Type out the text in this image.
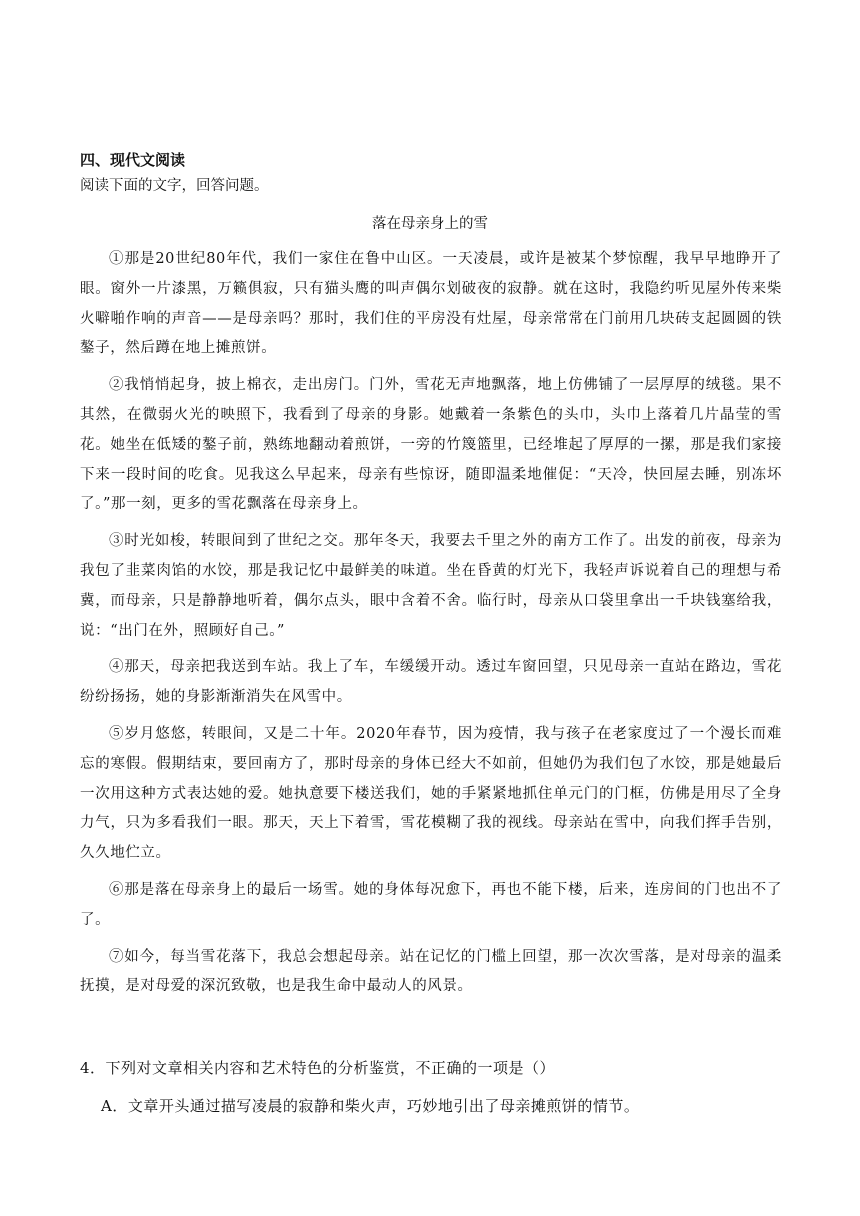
四、现代文阅读
阅读下面的文字，回答问题。
落在母亲身上的雪

①那是20世纪80年代，我们一家住在鲁中山区。一天凌晨，或许是被某个梦惊醒，我早早地睁开了眼。窗外一片漆黑，万籁俱寂，只有猫头鹰的叫声偶尔划破夜的寂静。就在这时，我隐约听见屋外传来柴火噼啪作响的声音——是母亲吗？那时，我们住的平房没有灶屋，母亲常常在门前用几块砖支起圆圆的铁鏊子，然后蹲在地上摊煎饼。

②我悄悄起身，披上棉衣，走出房门。门外，雪花无声地飘落，地上仿佛铺了一层厚厚的绒毯。果不其然，在微弱火光的映照下，我看到了母亲的身影。她戴着一条紫色的头巾，头巾上落着几片晶莹的雪花。她坐在低矮的鏊子前，熟练地翻动着煎饼，一旁的竹篾篮里，已经堆起了厚厚的一摞，那是我们家接下来一段时间的吃食。见我这么早起来，母亲有些惊讶，随即温柔地催促：“天冷，快回屋去睡，别冻坏了。”那一刻，更多的雪花飘落在母亲身上。

③时光如梭，转眼间到了世纪之交。那年冬天，我要去千里之外的南方工作了。出发的前夜，母亲为我包了韭菜肉馅的水饺，那是我记忆中最鲜美的味道。坐在昏黄的灯光下，我轻声诉说着自己的理想与希冀，而母亲，只是静静地听着，偶尔点头，眼中含着不舍。临行时，母亲从口袋里拿出一千块钱塞给我，说：“出门在外，照顾好自己。”

④那天，母亲把我送到车站。我上了车，车缓缓开动。透过车窗回望，只见母亲一直站在路边，雪花纷纷扬扬，她的身影渐渐消失在风雪中。

⑤岁月悠悠，转眼间，又是二十年。2020年春节，因为疫情，我与孩子在老家度过了一个漫长而难忘的寒假。假期结束，要回南方了，那时母亲的身体已经大不如前，但她仍为我们包了水饺，那是她最后一次用这种方式表达她的爱。她执意要下楼送我们，她的手紧紧地抓住单元门的门框，仿佛是用尽了全身力气，只为多看我们一眼。那天，天上下着雪，雪花模糊了我的视线。母亲站在雪中，向我们挥手告别，久久地伫立。

⑥那是落在母亲身上的最后一场雪。她的身体每况愈下，再也不能下楼，后来，连房间的门也出不了了。

⑦如今，每当雪花落下，我总会想起母亲。站在记忆的门槛上回望，那一次次雪落，是对母亲的温柔抚摸，是对母爱的深沉致敬，也是我生命中最动人的风景。

4．下列对文章相关内容和艺术特色的分析鉴赏，不正确的一项是（）
A．文章开头通过描写凌晨的寂静和柴火声，巧妙地引出了母亲摊煎饼的情节。
